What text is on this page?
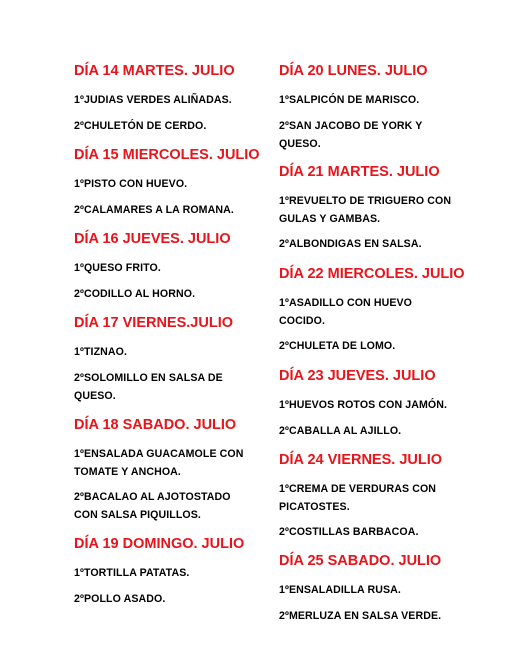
DÍA 14 MARTES. JULIO
1ºJUDIAS VERDES ALIÑADAS.
2ºCHULETÓN DE CERDO.
DÍA 15 MIERCOLES. JULIO
1ºPISTO CON HUEVO.
2ºCALAMARES A LA ROMANA.
DÍA 16 JUEVES. JULIO
1ºQUESO FRITO.
2ºCODILLO AL HORNO.
DÍA 17 VIERNES.JULIO
1ºTIZNAO.
2ºSOLOMILLO EN SALSA DE QUESO.
DÍA 18 SABADO. JULIO
1ºENSALADA GUACAMOLE CON TOMATE Y ANCHOA.
2ºBACALAO AL AJOTOSTADO CON SALSA PIQUILLOS.
DÍA 19 DOMINGO. JULIO
1ºTORTILLA PATATAS.
2ºPOLLO ASADO.
DÍA 20 LUNES. JULIO
1ºSALPICÓN DE MARISCO.
2ºSAN JACOBO DE YORK Y QUESO.
DÍA 21 MARTES. JULIO
1ºREVUELTO DE TRIGUERO CON GULAS Y GAMBAS.
2ºALBONDIGAS EN SALSA.
DÍA 22 MIERCOLES. JULIO
1ºASADILLO CON HUEVO COCIDO.
2ºCHULETA DE LOMO.
DÍA 23 JUEVES. JULIO
1ºHUEVOS ROTOS CON JAMÓN.
2ºCABALLA AL AJILLO.
DÍA 24 VIERNES. JULIO
1ºCREMA DE VERDURAS CON PICATOSTES.
2ºCOSTILLAS BARBACOA.
DÍA 25 SABADO. JULIO
1ºENSALADILLA RUSA.
2ºMERLUZA EN SALSA VERDE.
